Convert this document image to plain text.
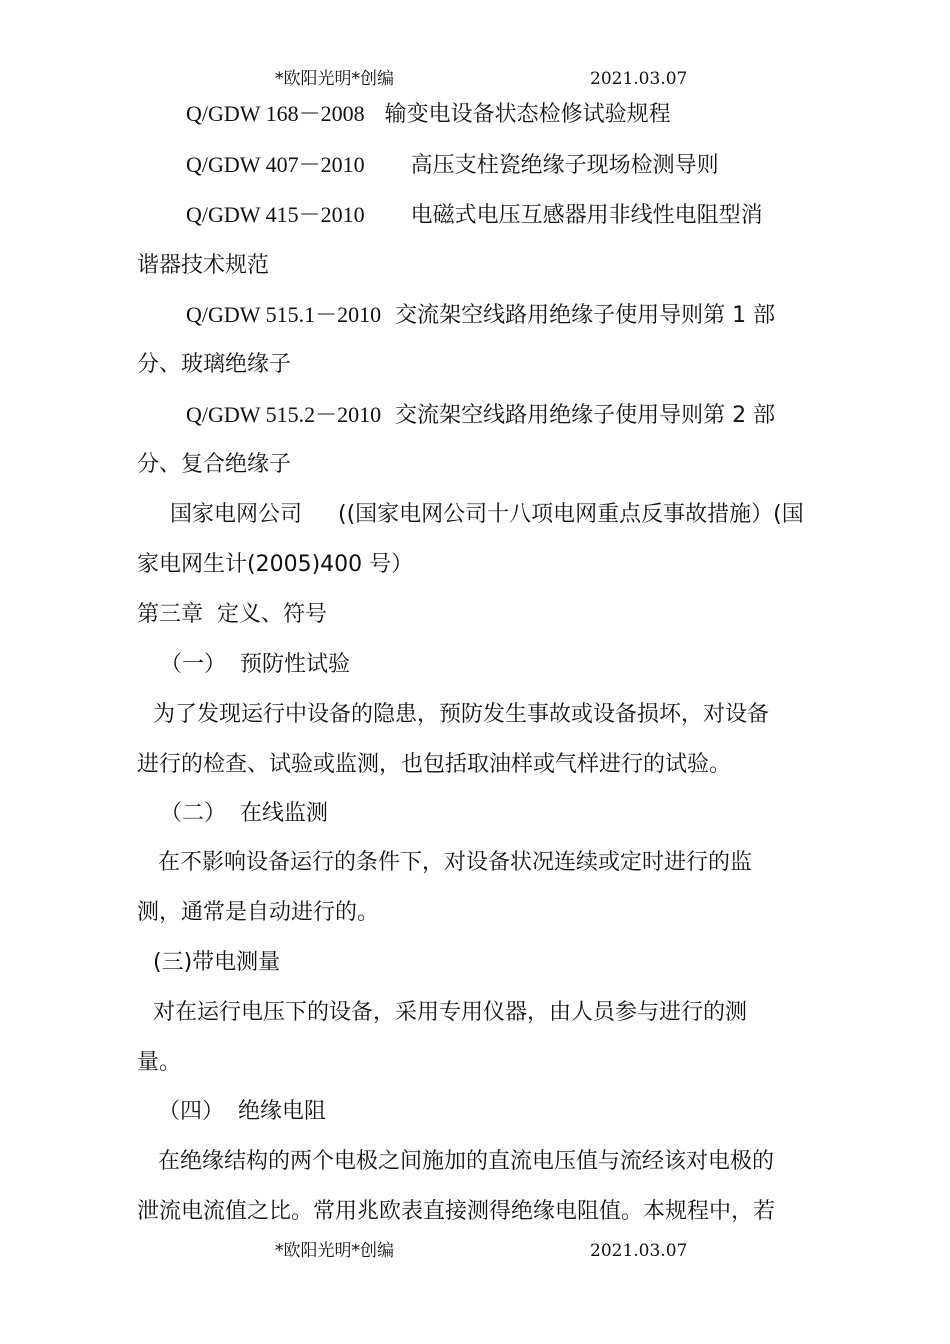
*欧阳光明*创编	2021.03.07
Q/GDW 168－2008 输变电设备状态检修试验规程
Q/GDW 407－2010 高压支柱瓷绝缘子现场检测导则
Q/GDW 415－2010 电磁式电压互感器用非线性电阻型消
谐器技术规范
Q/GDW 515.1－2010 交流架空线路用绝缘子使用导则第 1 部
分、玻璃绝缘子
Q/GDW 515.2－2010 交流架空线路用绝缘子使用导则第 2 部
分、复合绝缘子
国家电网公司 ((国家电网公司十八项电网重点反事故措施）(国
家电网生计(2005)400 号）
第三章  定义、符号
（一）  预防性试验
为了发现运行中设备的隐患，预防发生事故或设备损坏，对设备
进行的检查、试验或监测，也包括取油样或气样进行的试验。
（二）  在线监测
在不影响设备运行的条件下，对设备状况连续或定时进行的监
测，通常是自动进行的。
(三)带电测量
对在运行电压下的设备，采用专用仪器，由人员参与进行的测
量。
（四）  绝缘电阻
在绝缘结构的两个电极之间施加的直流电压值与流经该对电极的
泄流电流值之比。常用兆欧表直接测得绝缘电阻值。本规程中，若
*欧阳光明*创编	2021.03.07
